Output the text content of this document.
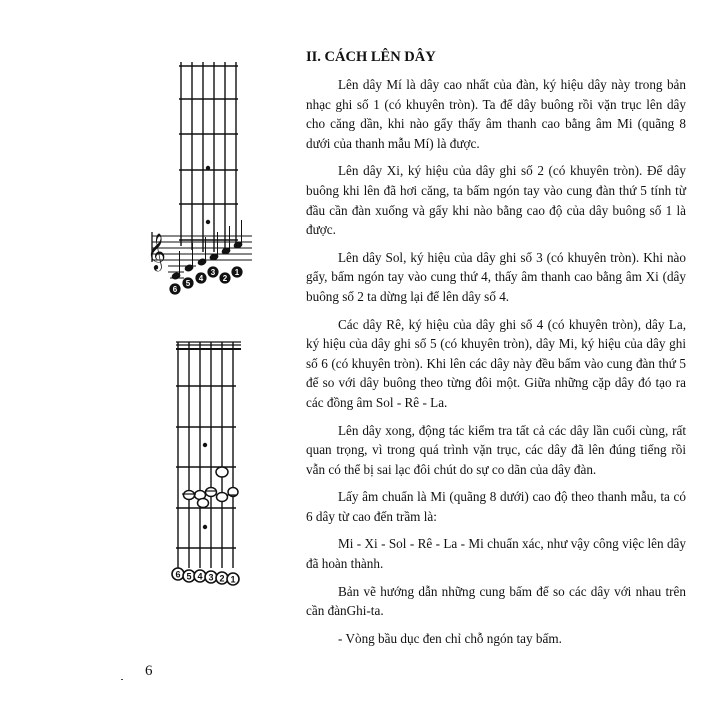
𝄞
6
5
4
3
2
1
6 5 4 3 2 1
II. CÁCH LÊN DÂY

Lên dây Mí là dây cao nhất của đàn, ký hiệu dây này trong bản nhạc ghi số 1 (có khuyên tròn). Ta để dây buông rồi vặn trục lên dây cho căng dần, khi nào gẩy thấy âm thanh cao bằng âm Mi (quãng 8 dưới của thanh mẫu Mí) là được.

Lên dây Xi, ký hiệu của dây ghi số 2 (có khuyên tròn). Để dây buông khi lên đã hơi căng, ta bấm ngón tay vào cung đàn thứ 5 tính từ đầu cần đàn xuống và gẩy khi nào bằng cao độ của dây buông số 1 là được.

Lên dây Sol, ký hiệu của dây ghi số 3 (có khuyên tròn). Khi nào gẩy, bấm ngón tay vào cung thứ 4, thấy âm thanh cao bằng âm Xi (dây buông số 2 ta dừng lại để lên dây số 4.

Các dây Rê, ký hiệu của dây ghi số 4 (có khuyên tròn), dây La, ký hiệu của dây ghi số 5 (có khuyên tròn), dây Mi, ký hiệu của dây ghi số 6 (có khuyên tròn). Khi lên các dây này đều bấm vào cung đàn thứ 5 để so với dây buông theo từng đôi một. Giữa những cặp dây đó tạo ra các đồng âm Sol - Rê - La.

Lên dây xong, động tác kiểm tra tất cả các dây lần cuối cùng, rất quan trọng, vì trong quá trình vặn trục, các dây đã lên đúng tiếng rồi vẫn có thể bị sai lạc đôi chút do sự co dãn của dây đàn.

Lấy âm chuẩn là Mi (quãng 8 dưới) cao độ theo thanh mẫu, ta có 6 dây từ cao đến trầm là:

Mi - Xi - Sol - Rê - La - Mi chuẩn xác, như vậy công việc lên dây đã hoàn thành.

Bản vẽ hướng dẫn những cung bấm để so các dây với nhau trên cần đànGhi-ta.

- Vòng bầu dục đen chỉ chỗ ngón tay bấm.

6
